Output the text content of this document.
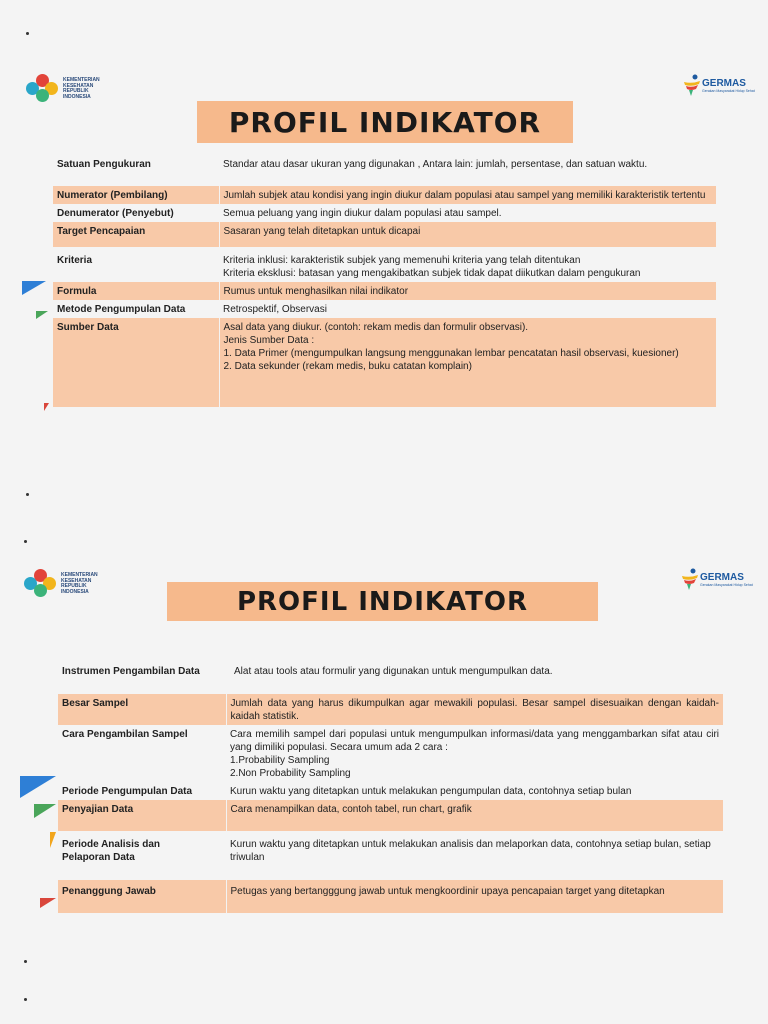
KEMENTERIAN KESEHATAN REPUBLIK INDONESIA
GERMAS
Gerakan Masyarakat Hidup Sehat
PROFIL INDIKATOR
Satuan Pengukuran	Standar atau dasar ukuran yang digunakan , Antara lain: jumlah, persentase, dan satuan waktu.
Numerator (Pembilang)	Jumlah subjek atau kondisi yang ingin diukur dalam populasi atau sampel yang memiliki karakteristik tertentu
Denumerator (Penyebut)	Semua peluang yang ingin diukur dalam populasi atau sampel.
Target Pencapaian	Sasaran yang telah ditetapkan untuk dicapai
Kriteria	Kriteria inklusi: karakteristik subjek yang memenuhi kriteria yang telah ditentukan
Kriteria eksklusi: batasan yang mengakibatkan subjek tidak dapat diikutkan dalam pengukuran

Formula	Rumus untuk menghasilkan nilai indikator
Metode Pengumpulan Data	Retrospektif, Observasi
Sumber Data	Asal data yang diukur. (contoh: rekam medis dan formulir observasi).
Jenis Sumber Data :
1. Data Primer (mengumpulkan langsung menggunakan lembar pencatatan hasil observasi, kuesioner)
2. Data sekunder (rekam medis, buku catatan komplain)
KEMENTERIAN KESEHATAN REPUBLIK INDONESIA
GERMAS
Gerakan Masyarakat Hidup Sehat
PROFIL INDIKATOR
Instrumen Pengambilan Data	Alat atau tools atau formulir yang digunakan untuk mengumpulkan data.
Besar Sampel	Jumlah data yang harus dikumpulkan agar mewakili populasi. Besar sampel disesuaikan dengan kaidah-kaidah statistik.
Cara Pengambilan Sampel	Cara memilih sampel dari populasi untuk mengumpulkan informasi/data yang menggambarkan sifat atau ciri yang dimiliki populasi. Secara umum ada 2 cara :
1.Probability Sampling
2.Non Probability Sampling

Periode Pengumpulan Data	Kurun waktu yang ditetapkan untuk melakukan pengumpulan data, contohnya setiap bulan
Penyajian Data	Cara menampilkan data, contoh tabel, run chart, grafik

Periode Analisis dan
Pelaporan Data	Kurun waktu yang ditetapkan untuk melakukan analisis dan melaporkan data, contohnya setiap bulan, setiap triwulan
Penanggung Jawab	Petugas yang bertangggung jawab untuk mengkoordinir upaya pencapaian target yang ditetapkan
